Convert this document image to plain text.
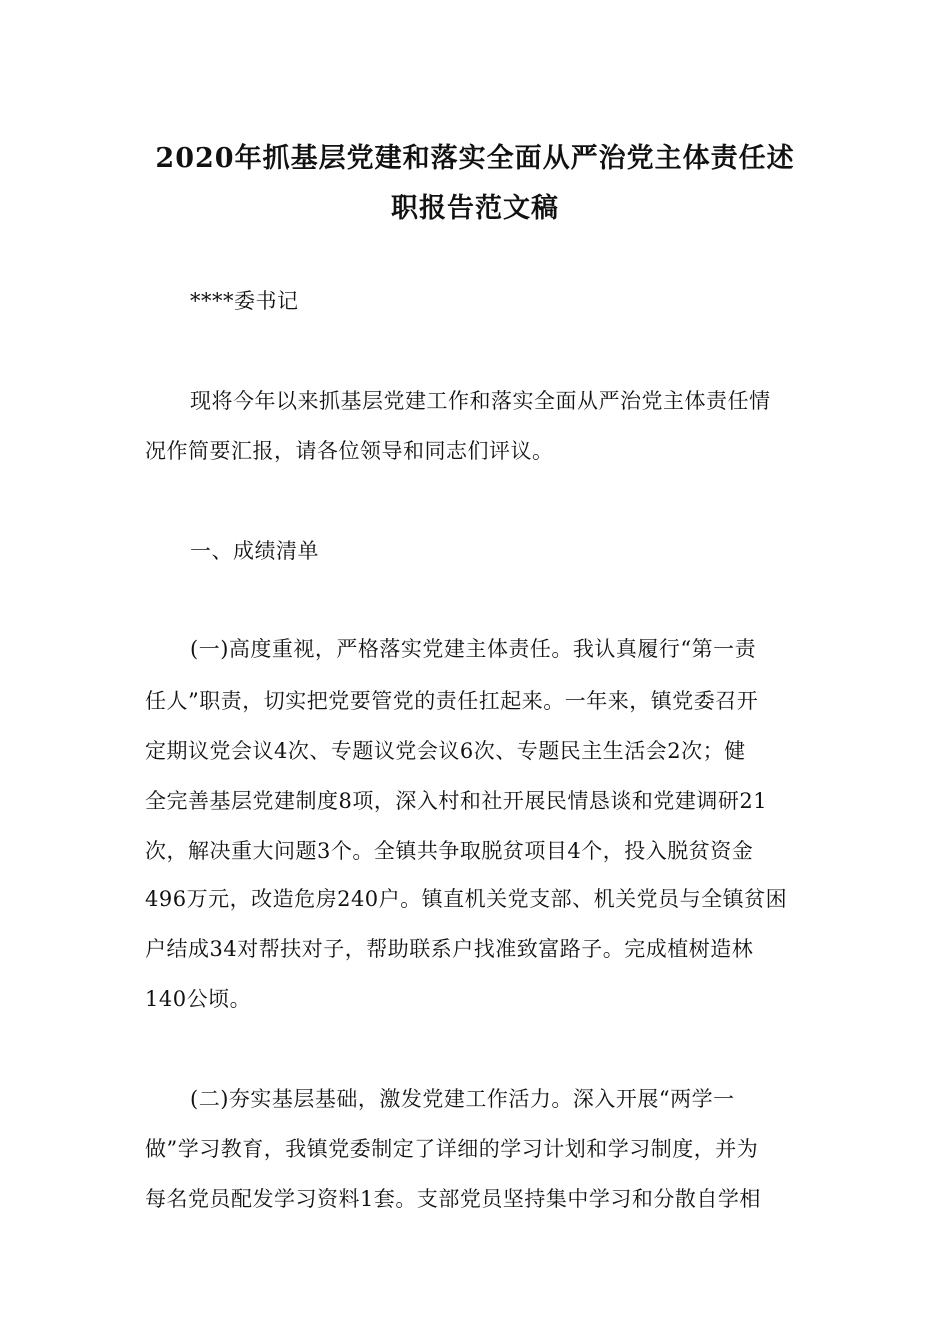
2020年抓基层党建和落实全面从严治党主体责任述
职报告范文稿
****委书记
现将今年以来抓基层党建工作和落实全面从严治党主体责任情
况作简要汇报，请各位领导和同志们评议。
一、成绩清单
(一)高度重视，严格落实党建主体责任。我认真履行“第一责
任人”职责，切实把党要管党的责任扛起来。一年来，镇党委召开
定期议党会议4次、专题议党会议6次、专题民主生活会2次；健
全完善基层党建制度8项，深入村和社开展民情恳谈和党建调研21
次，解决重大问题3个。全镇共争取脱贫项目4个，投入脱贫资金
496万元，改造危房240户。镇直机关党支部、机关党员与全镇贫困
户结成34对帮扶对子，帮助联系户找准致富路子。完成植树造林
140公顷。
(二)夯实基层基础，激发党建工作活力。深入开展“两学一
做”学习教育，我镇党委制定了详细的学习计划和学习制度，并为
每名党员配发学习资料1套。支部党员坚持集中学习和分散自学相
